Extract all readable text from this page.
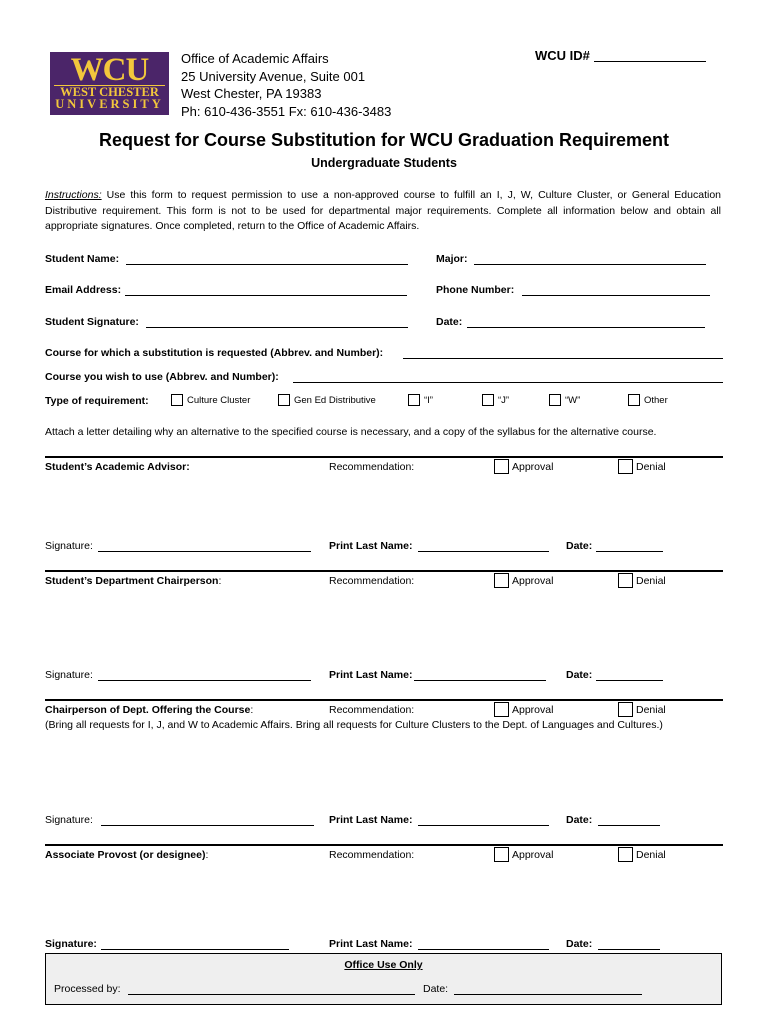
WCU
WEST CHESTER
UNIVERSITY
Office of Academic Affairs
25 University Avenue, Suite 001
West Chester, PA 19383
Ph: 610-436-3551 Fx: 610-436-3483
WCU ID#
Request for Course Substitution for WCU Graduation Requirement
Undergraduate Students
Instructions: Use this form to request permission to use a non-approved course to fulfill an I, J, W, Culture Cluster, or General Education Distributive requirement. This form is not to be used for departmental major requirements. Complete all information below and obtain all appropriate signatures. Once completed, return to the Office of Academic Affairs.
Student Name:	Major:
Email Address:	Phone Number:
Student Signature:	Date:
Course for which a substitution is requested (Abbrev. and Number):
Course you wish to use (Abbrev. and Number):
Type of requirement:	Culture Cluster	Gen Ed Distributive	“I”	“J”	“W”	Other
Attach a letter detailing why an alternative to the specified course is necessary, and a copy of the syllabus for the alternative course.
Student’s Academic Advisor:	Recommendation:	Approval	Denial
Signature:	Print Last Name:	Date:
Student’s Department Chairperson:	Recommendation:	Approval	Denial
Signature:	Print Last Name:	Date:
Chairperson of Dept. Offering the Course:	Recommendation:	Approval	Denial
(Bring all requests for I, J, and W to Academic Affairs. Bring all requests for Culture Clusters to the Dept. of Languages and Cultures.)
Signature:	Print Last Name:	Date:
Associate Provost (or designee):	Recommendation:	Approval	Denial
Signature:	Print Last Name:	Date:
Office Use Only
Processed by:	Date:
